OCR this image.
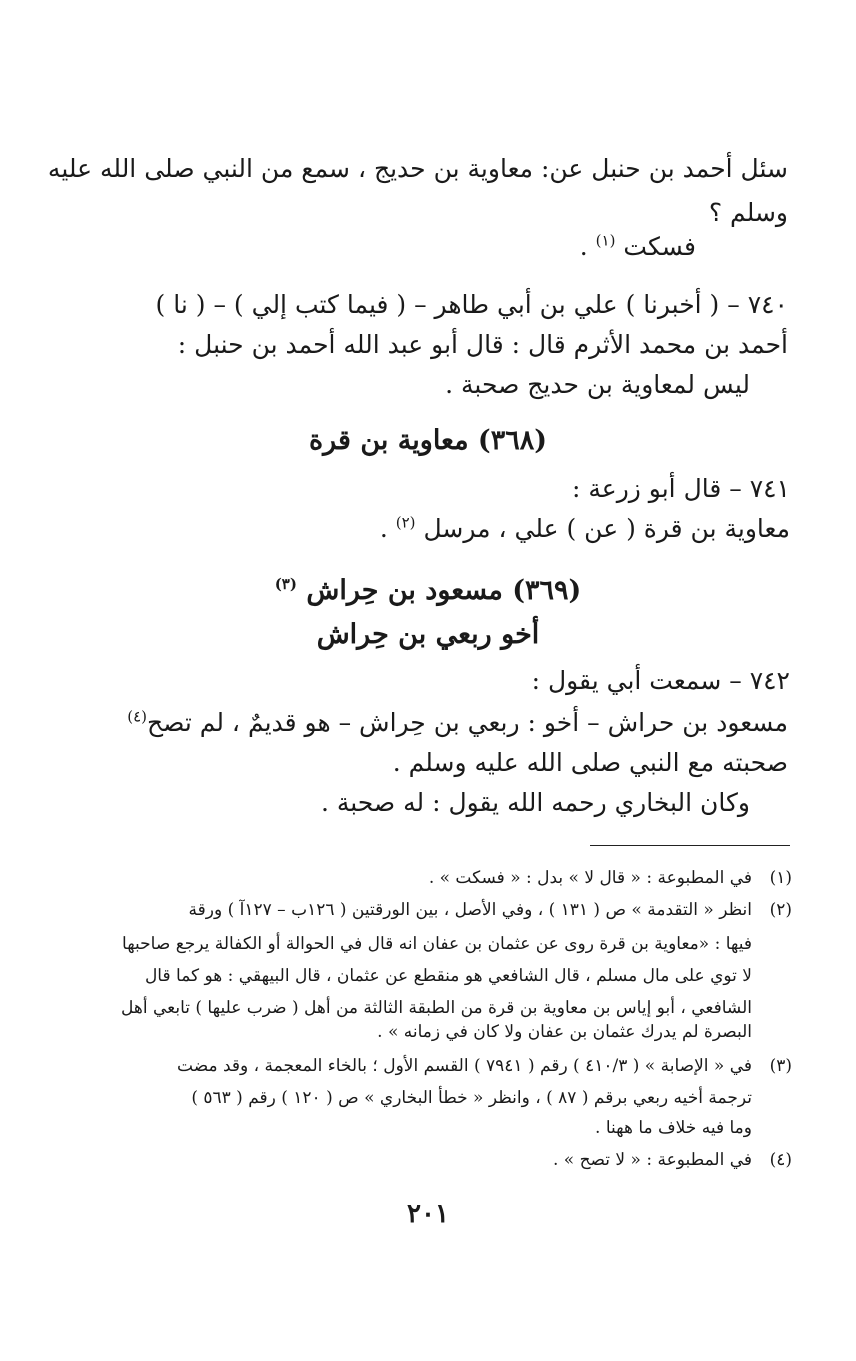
سئل أحمد بن حنبل عن: معاوية بن حديج ، سمع من النبي صلى الله عليه
وسلم ؟
فسكت $^{(١)}$ .
٧٤٠ – ( أخبرنا ) علي بن أبي طاهر – ( فيما كتب إلي ) – ( نا )
أحمد بن محمد الأثرم قال : قال أبو عبد الله أحمد بن حنبل :
ليس لمعاوية بن حديج صحبة .
(٣٦٨) معاوية بن قرة
٧٤١ – قال أبو زرعة :
معاوية بن قرة ( عن ) علي ، مرسل $^{(٢)}$ .
(٣٦٩) مسعود بن حِراش $^{(٣)}$
أخو ربعي بن حِراش
٧٤٢ – سمعت أبي يقول :
مسعود بن حراش – أخو : ربعي بن حِراش – هو قديمٌ ، لم تصح$^{(٤)}$
صحبته مع النبي صلى الله عليه وسلم .
وكان البخاري رحمه الله يقول : له صحبة .
(١)
في المطبوعة : « قال لا » بدل : « فسكت » .
(٢)
انظر « التقدمة » ص ( ١٣١ ) ، وفي الأصل ، بين الورقتين ( ١٢٦ب – ١٢٧آ ) ورقة
فيها : «معاوية بن قرة روى عن عثمان بن عفان انه قال في الحوالة أو الكفالة يرجع صاحبها
لا توي على مال مسلم ، قال الشافعي هو منقطع عن عثمان ، قال البيهقي : هو كما قال
الشافعي ، أبو إياس بن معاوية بن قرة من الطبقة الثالثة من أهل ( ضرب عليها ) تابعي أهل
البصرة لم يدرك عثمان بن عفان ولا كان في زمانه » .
(٣)
في « الإصابة » ( ٤١٠/٣ ) رقم ( ٧٩٤١ ) القسم الأول ؛ بالخاء المعجمة ، وقد مضت
ترجمة أخيه ربعي برقم ( ٨٧ ) ، وانظر « خطأ البخاري » ص ( ١٢٠ ) رقم ( ٥٦٣ )
وما فيه خلاف ما ههنا .
(٤)
في المطبوعة : « لا تصح » .
٢٠١
